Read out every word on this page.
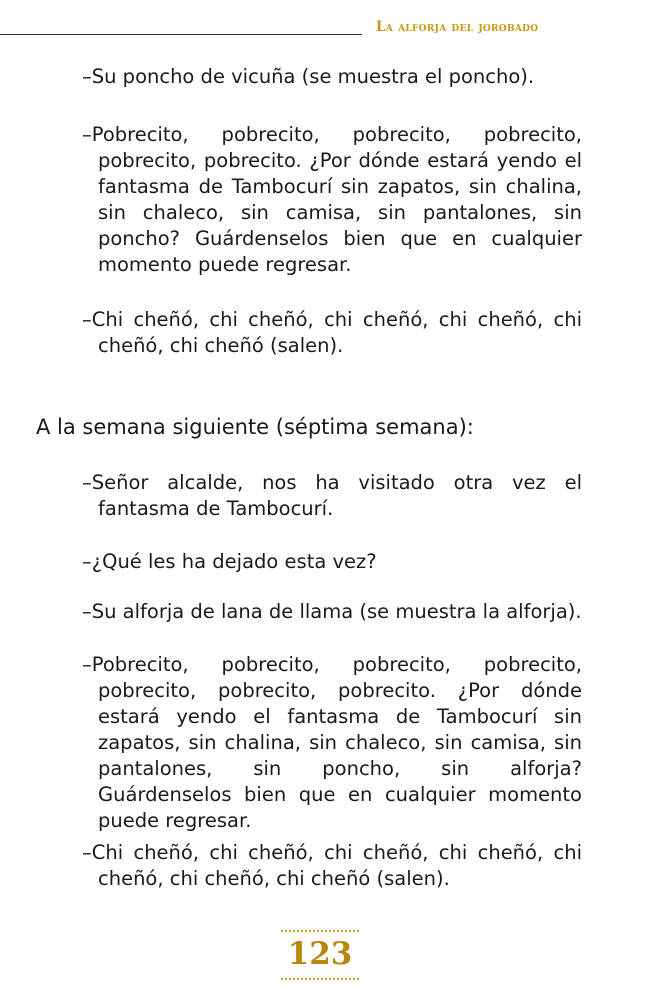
La alforja del jorobado
–Su poncho de vicuña (se muestra el poncho).
–Pobrecito, pobrecito, pobrecito, pobrecito, pobrecito, pobrecito. ¿Por dónde estará yendo el fantasma de Tambocurí sin zapatos, sin chalina, sin chaleco, sin camisa, sin pantalones, sin poncho? Guárdenselos bien que en cualquier momento puede regresar.
–Chi cheñó, chi cheñó, chi cheñó, chi cheñó, chi cheñó, chi cheñó (salen).
A la semana siguiente (séptima semana):
–Señor alcalde, nos ha visitado otra vez el fantasma de Tambocurí.
–¿Qué les ha dejado esta vez?
–Su alforja de lana de llama (se muestra la alforja).
–Pobrecito, pobrecito, pobrecito, pobrecito, pobrecito, pobrecito, pobrecito. ¿Por dónde estará yendo el fantasma de Tambocurí sin zapatos, sin chalina, sin chaleco, sin camisa, sin pantalones, sin poncho, sin alforja? Guárdenselos bien que en cualquier momento puede regresar.
–Chi cheñó, chi cheñó, chi cheñó, chi cheñó, chi cheñó, chi cheñó, chi cheñó (salen).
123
